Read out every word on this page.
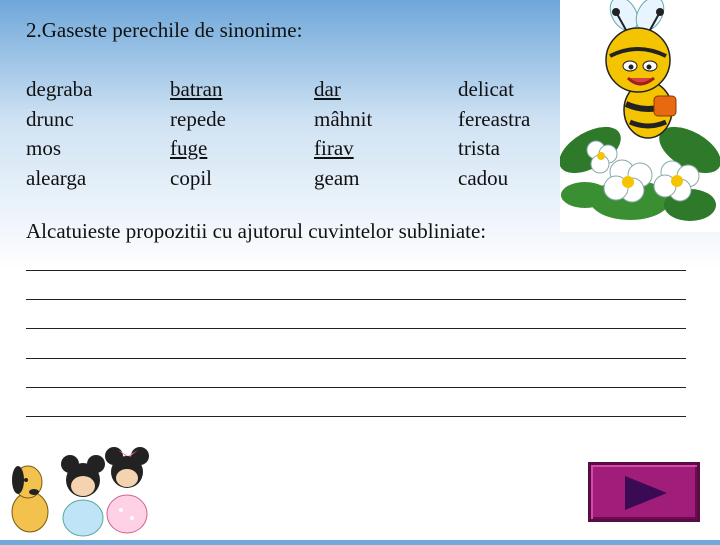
2.Gaseste perechile de sinonime:
degraba
drunc
mos
alearga
batran
repede
fuge
copil
dar
mâhnit
firav
geam
delicat
fereastra
trista
cadou
Alcatuieste propozitii cu ajutorul cuvintelor subliniate:
